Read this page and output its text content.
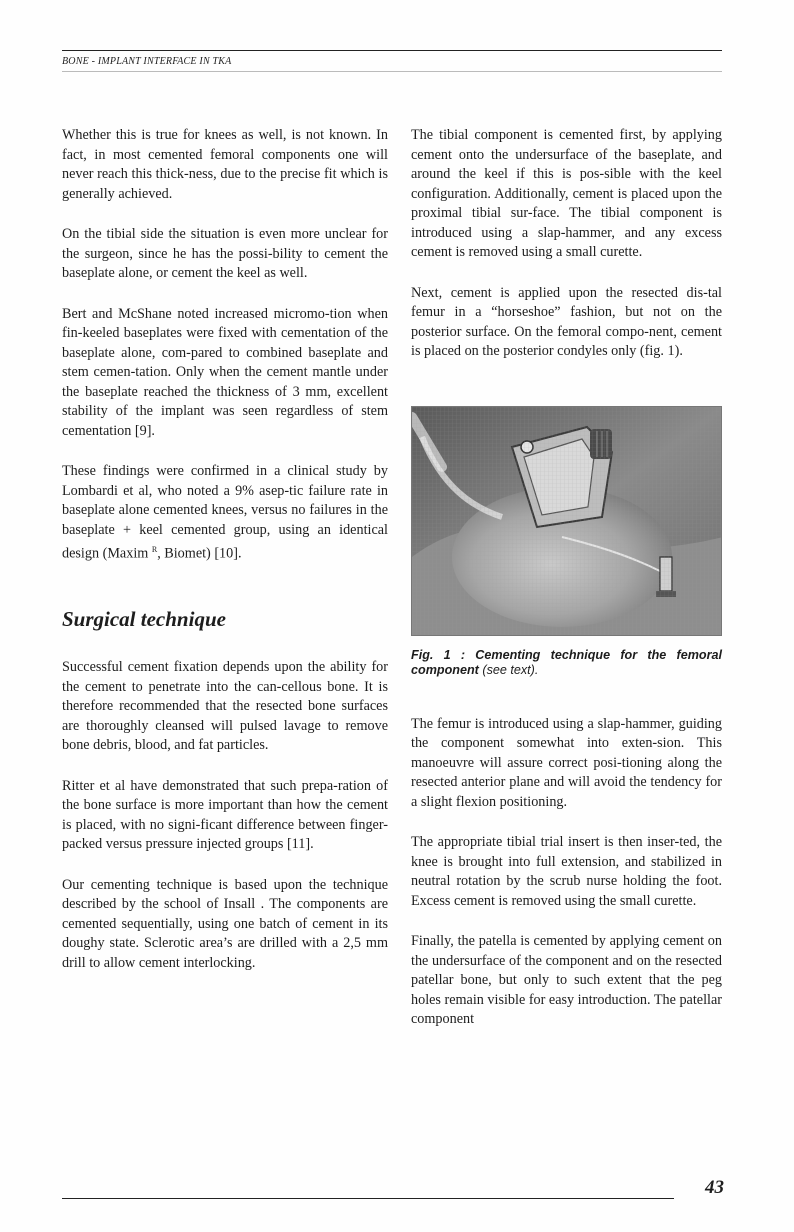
BONE - IMPLANT INTERFACE IN TKA

Whether this is true for knees as well, is not known. In fact, in most cemented femoral components one will never reach this thick-ness, due to the precise fit which is generally achieved.

On the tibial side the situation is even more unclear for the surgeon, since he has the possi-bility to cement the baseplate alone, or cement the keel as well.

Bert and McShane noted increased micromo-tion when fin-keeled baseplates were fixed with cementation of the baseplate alone, com-pared to combined baseplate and stem cemen-tation. Only when the cement mantle under the baseplate reached the thickness of 3 mm, excellent stability of the implant was seen regardless of stem cementation [9].

These findings were confirmed in a clinical study by Lombardi et al, who noted a 9% asep-tic failure rate in baseplate alone cemented knees, versus no failures in the baseplate + keel cemented group, using an identical design (Maxim $^R$, Biomet) [10].

Surgical technique

Successful cement fixation depends upon the ability for the cement to penetrate into the can-cellous bone. It is therefore recommended that the resected bone surfaces are thoroughly cleansed will pulsed lavage to remove bone debris, blood, and fat particles.

Ritter et al have demonstrated that such prepa-ration of the bone surface is more important than how the cement is placed, with no signi-ficant difference between finger-packed versus pressure injected groups [11].

Our cementing technique is based upon the technique described by the school of Insall . The components are cemented sequentially, using one batch of cement in its doughy state. Sclerotic area’s are drilled with a 2,5 mm drill to allow cement interlocking.

The tibial component is cemented first, by applying cement onto the undersurface of the baseplate, and around the keel if this is pos-sible with the keel configuration. Additionally, cement is placed upon the proximal tibial sur-face. The tibial component is introduced using a slap-hammer, and any excess cement is removed using a small curette.

Next, cement is applied upon the resected dis-tal femur in a “horseshoe” fashion, but not on the posterior surface. On the femoral compo-nent, cement is placed on the posterior condyles only (fig. 1).

Fig. 1 : Cementing technique for the femoral component (see text).

The femur is introduced using a slap-hammer, guiding the component somewhat into exten-sion. This manoeuvre will assure correct posi-tioning along the resected anterior plane and will avoid the tendency for a slight flexion positioning.

The appropriate tibial trial insert is then inser-ted, the knee is brought into full extension, and stabilized in neutral rotation by the scrub nurse holding the foot. Excess cement is removed using the small curette.

Finally, the patella is cemented by applying cement on the undersurface of the component and on the resected patellar bone, but only to such extent that the peg holes remain visible for easy introduction. The patellar component

43
